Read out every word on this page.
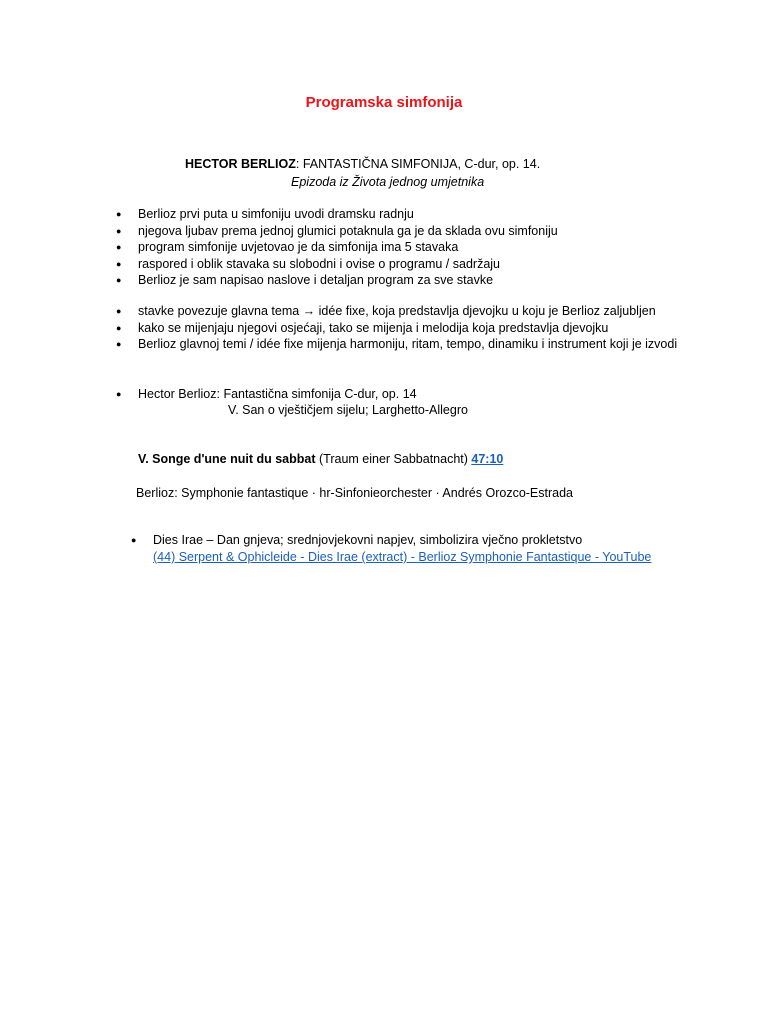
Programska simfonija
HECTOR BERLIOZ: FANTASTIČNA SIMFONIJA, C-dur, op. 14.
Epizoda iz Života jednog umjetnika
● Berlioz prvi puta u simfoniju uvodi dramsku radnju
● njegova ljubav prema jednoj glumici potaknula ga je da sklada ovu simfoniju
● program simfonije uvjetovao je da simfonija ima 5 stavaka
● raspored i oblik stavaka su slobodni i ovise o programu / sadržaju
● Berlioz je sam napisao naslove i detaljan program za sve stavke
● stavke povezuje glavna tema → idée fixe, koja predstavlja djevojku u koju je Berlioz zaljubljen
● kako se mijenjaju njegovi osjećaji, tako se mijenja i melodija koja predstavlja djevojku
● Berlioz glavnoj temi / idée fixe mijenja harmoniju, ritam, tempo, dinamiku i instrument koji je izvodi
● Hector Berlioz: Fantastična simfonija C-dur, op. 14
V. San o vještičjem sijelu; Larghetto-Allegro
V. Songe d'une nuit du sabbat (Traum einer Sabbatnacht) 47:10
Berlioz: Symphonie fantastique · hr-Sinfonieorchester · Andrés Orozco-Estrada
● Dies Irae – Dan gnjeva; srednjovjekovni napjev, simbolizira vječno prokletstvo
(44) Serpent & Ophicleide - Dies Irae (extract) - Berlioz Symphonie Fantastique - YouTube
